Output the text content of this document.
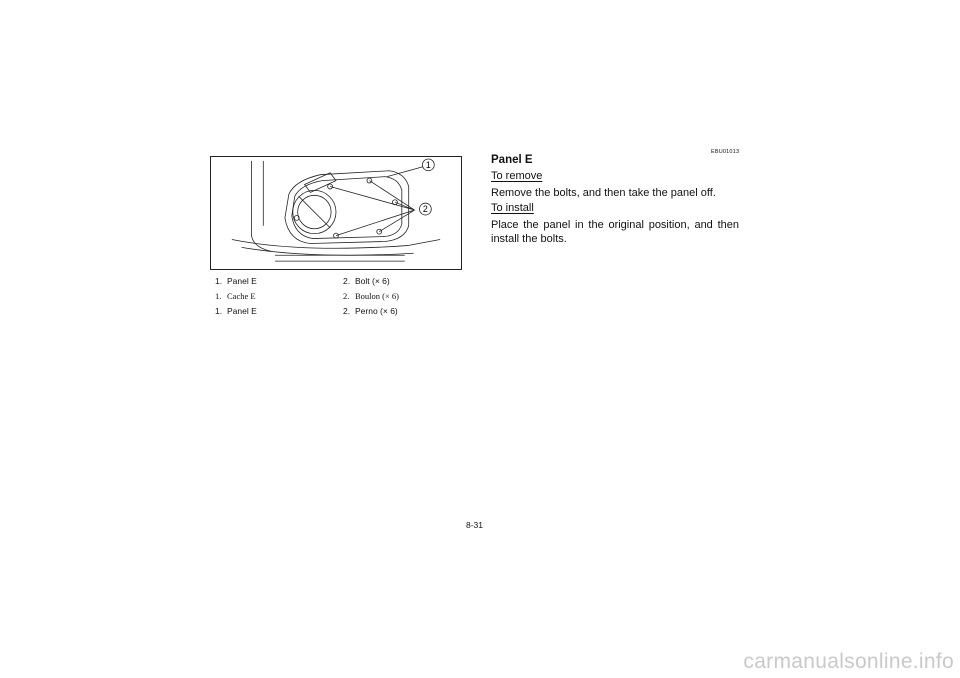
1
2
1. Panel E	2. Bolt (× 6)
1. Cache E	2. Boulon (× 6)
1. Panel E	2. Perno (× 6)
EBU01013
Panel E
To remove
Remove the bolts, and then take the panel off.
To install
Place the panel in the original position, and then install the bolts.
8-31
carmanualsonline.info
